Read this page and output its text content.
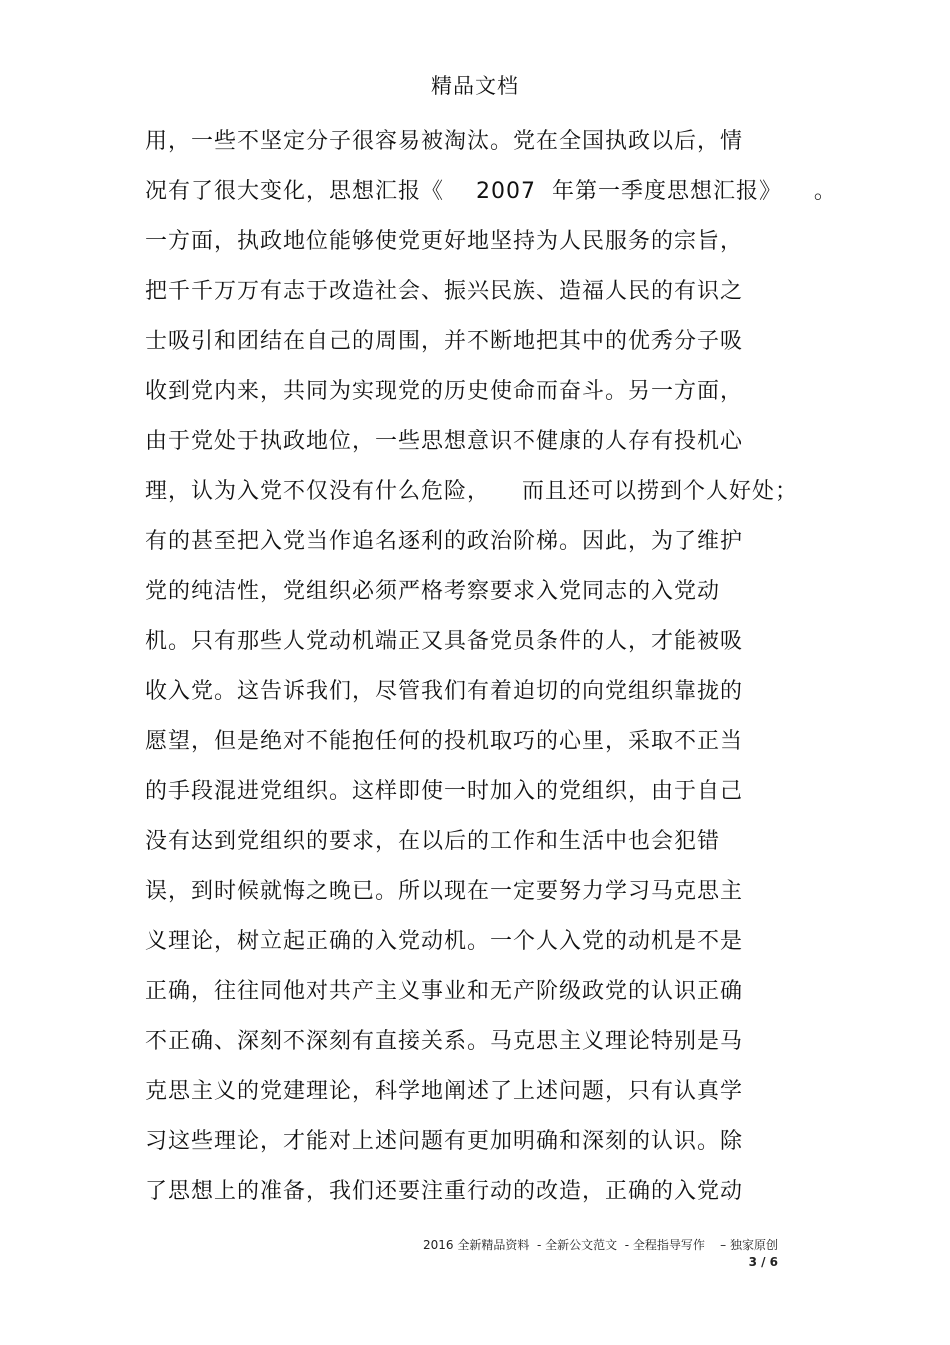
精品文档
用，一些不坚定分子很容易被淘汰。党在全国执政以后，情
况有了很大变化，思想汇报《    2007  年第一季度思想汇报》    。
一方面，执政地位能够使党更好地坚持为人民服务的宗旨，
把千千万万有志于改造社会、振兴民族、造福人民的有识之
士吸引和团结在自己的周围，并不断地把其中的优秀分子吸
收到党内来，共同为实现党的历史使命而奋斗。另一方面，
由于党处于执政地位，一些思想意识不健康的人存有投机心
理，认为入党不仅没有什么危险，    而且还可以捞到个人好处；
有的甚至把入党当作追名逐利的政治阶梯。因此，为了维护
党的纯洁性，党组织必须严格考察要求入党同志的入党动
机。只有那些人党动机端正又具备党员条件的人，才能被吸
收入党。这告诉我们，尽管我们有着迫切的向党组织靠拢的
愿望，但是绝对不能抱任何的投机取巧的心里，采取不正当
的手段混进党组织。这样即使一时加入的党组织，由于自己
没有达到党组织的要求，在以后的工作和生活中也会犯错
误，到时候就悔之晚已。所以现在一定要努力学习马克思主
义理论，树立起正确的入党动机。一个人入党的动机是不是
正确，往往同他对共产主义事业和无产阶级政党的认识正确
不正确、深刻不深刻有直接关系。马克思主义理论特别是马
克思主义的党建理论，科学地阐述了上述问题，只有认真学
习这些理论，才能对上述问题有更加明确和深刻的认识。除
了思想上的准备，我们还要注重行动的改造，正确的入党动
2016 全新精品资料  - 全新公文范文  - 全程指导写作    – 独家原创
3 / 6
